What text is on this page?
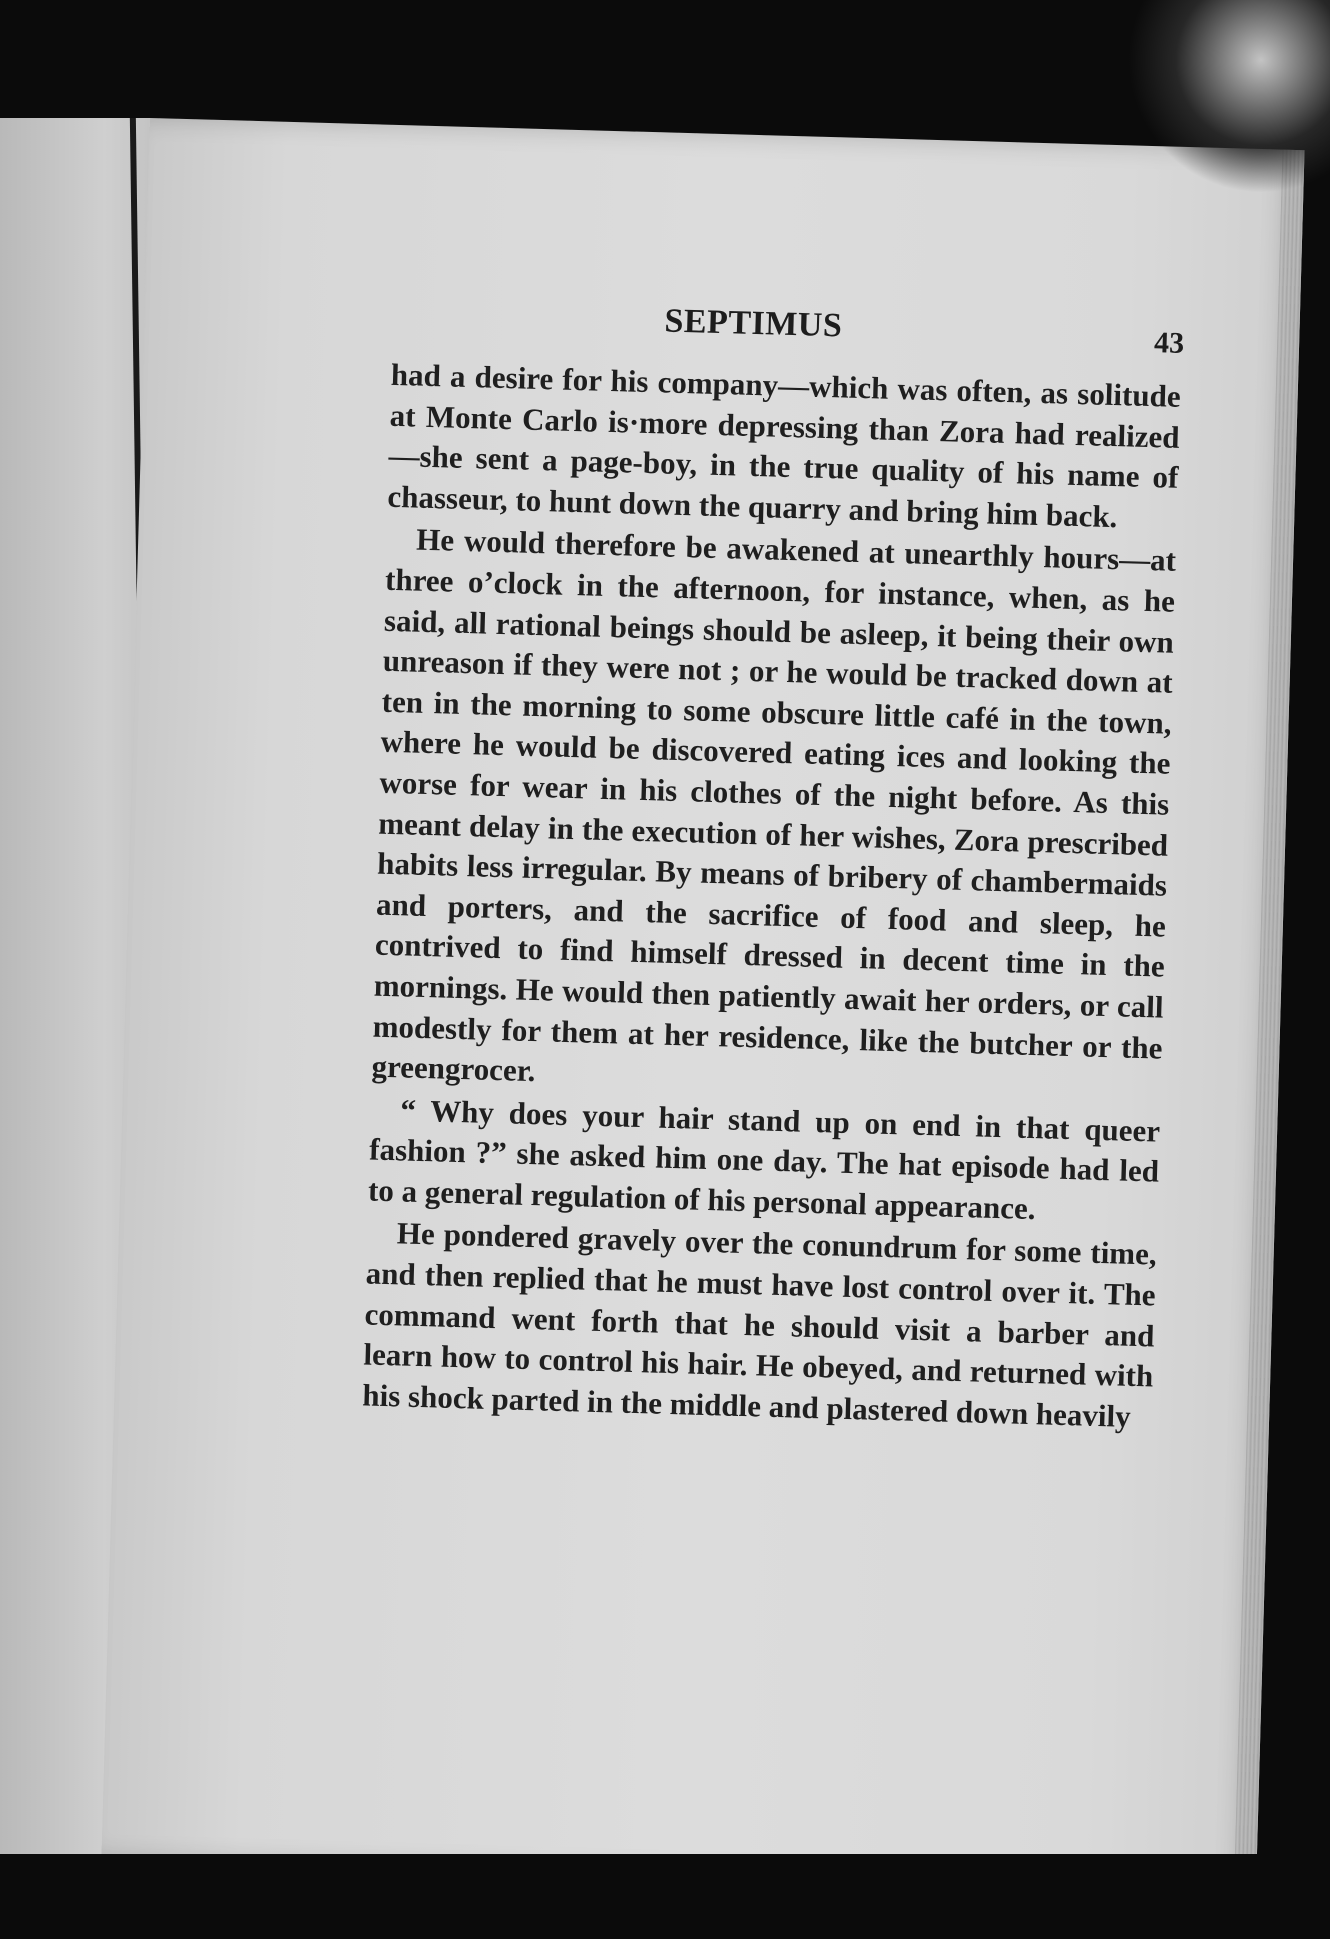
SEPTIMUS	43

had a desire for his company—which was often, as solitude at Monte Carlo is·more depressing than Zora had realized—she sent a page-boy, in the true quality of his name of chasseur, to hunt down the quarry and bring him back.

He would therefore be awakened at unearthly hours—at three o’clock in the afternoon, for instance, when, as he said, all rational beings should be asleep, it being their own unreason if they were not ; or he would be tracked down at ten in the morning to some obscure little café in the town, where he would be discovered eating ices and looking the worse for wear in his clothes of the night before. As this meant delay in the execution of her wishes, Zora prescribed habits less irregular. By means of bribery of chambermaids and porters, and the sacrifice of food and sleep, he contrived to find himself dressed in decent time in the mornings. He would then patiently await her orders, or call modestly for them at her residence, like the butcher or the greengrocer.

“ Why does your hair stand up on end in that queer fashion ?” she asked him one day. The hat episode had led to a general regulation of his personal appearance.

He pondered gravely over the conundrum for some time, and then replied that he must have lost control over it. The command went forth that he should visit a barber and learn how to control his hair. He obeyed, and returned with his shock parted in the middle and plastered down heavily
